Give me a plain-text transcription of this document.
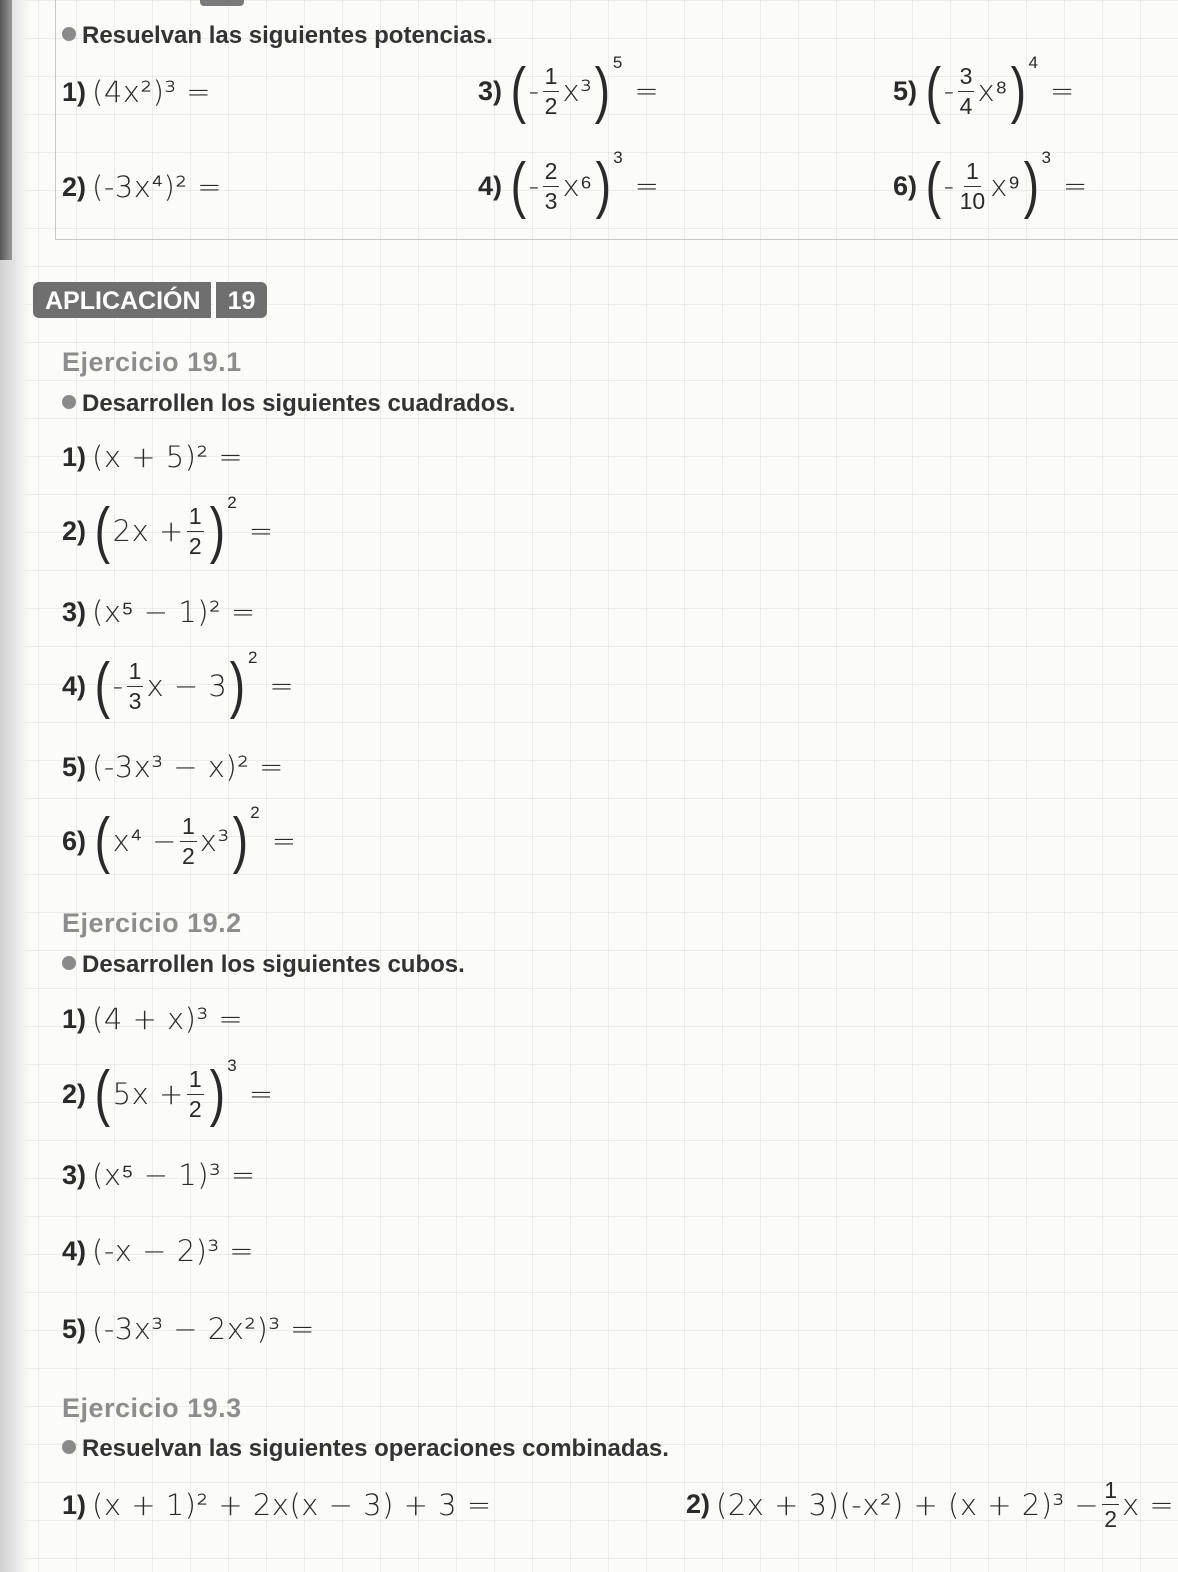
Resuelvan las siguientes potencias.
1) (4x²)³ =
2) (-3x⁴)² =
3) ( - $\frac{1}{2} x^3$ ) 5
=
4) ( - $\frac{2}{3} x^6$ ) 3
=
5) ( - $\frac{3}{4} x^8$ ) 4
=
6) ( - $\frac{1}{10} x^9$ ) 3
=
APLICACIÓN	19
Ejercicio 19.1
Desarrollen los siguientes cuadrados.
1) (x + 5)² =
2) ( $2x + \frac{1}{2}$ ) 2
=
3) (x⁵ − 1)² =
4) ( - $\frac{1}{3}$ x − 3 ) 2
=
5) (-3x³ − x)² =
6) ( $x^4 - \frac{1}{2} x^3$ ) 2
=
Ejercicio 19.2
Desarrollen los siguientes cubos.
1) (4 + x)³ =
2) ( $5x + \frac{1}{2}$ ) 3
=
3) (x⁵ − 1)³ =
4) (-x − 2)³ =
5) (-3x³ − 2x²)³ =
Ejercicio 19.3
Resuelvan las siguientes operaciones combinadas.
1) (x + 1)² + 2x(x − 3) + 3 =	2) $(2x + 3)(-x^2) + (x + 2)^3 - \frac{1}{2}$ x =
